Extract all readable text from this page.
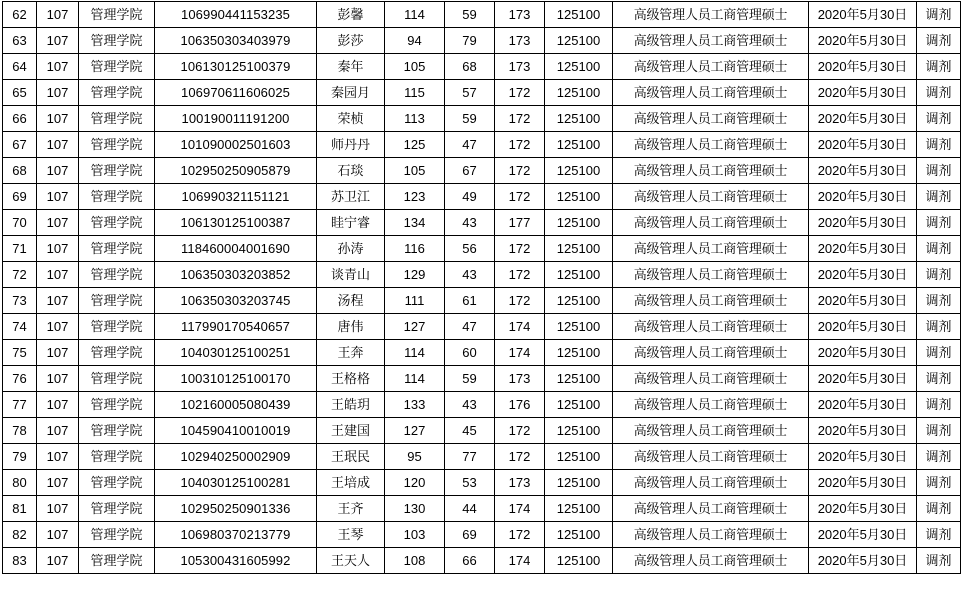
62	107	管理学院	106990441153235	彭馨	114	59	173	125100	高级管理人员工商管理硕士	2020年5月30日	调剂
63	107	管理学院	106350303403979	彭莎	94	79	173	125100	高级管理人员工商管理硕士	2020年5月30日	调剂
64	107	管理学院	106130125100379	秦年	105	68	173	125100	高级管理人员工商管理硕士	2020年5月30日	调剂
65	107	管理学院	106970611606025	秦园月	115	57	172	125100	高级管理人员工商管理硕士	2020年5月30日	调剂
66	107	管理学院	100190011191200	荣桢	113	59	172	125100	高级管理人员工商管理硕士	2020年5月30日	调剂
67	107	管理学院	101090002501603	师丹丹	125	47	172	125100	高级管理人员工商管理硕士	2020年5月30日	调剂
68	107	管理学院	102950250905879	石琰	105	67	172	125100	高级管理人员工商管理硕士	2020年5月30日	调剂
69	107	管理学院	106990321151121	苏卫江	123	49	172	125100	高级管理人员工商管理硕士	2020年5月30日	调剂
70	107	管理学院	106130125100387	眭宁睿	134	43	177	125100	高级管理人员工商管理硕士	2020年5月30日	调剂
71	107	管理学院	118460004001690	孙涛	116	56	172	125100	高级管理人员工商管理硕士	2020年5月30日	调剂
72	107	管理学院	106350303203852	谈青山	129	43	172	125100	高级管理人员工商管理硕士	2020年5月30日	调剂
73	107	管理学院	106350303203745	汤程	111	61	172	125100	高级管理人员工商管理硕士	2020年5月30日	调剂
74	107	管理学院	117990170540657	唐伟	127	47	174	125100	高级管理人员工商管理硕士	2020年5月30日	调剂
75	107	管理学院	104030125100251	王奔	114	60	174	125100	高级管理人员工商管理硕士	2020年5月30日	调剂
76	107	管理学院	100310125100170	王格格	114	59	173	125100	高级管理人员工商管理硕士	2020年5月30日	调剂
77	107	管理学院	102160005080439	王皓玥	133	43	176	125100	高级管理人员工商管理硕士	2020年5月30日	调剂
78	107	管理学院	104590410010019	王建国	127	45	172	125100	高级管理人员工商管理硕士	2020年5月30日	调剂
79	107	管理学院	102940250002909	王珉民	95	77	172	125100	高级管理人员工商管理硕士	2020年5月30日	调剂
80	107	管理学院	104030125100281	王培成	120	53	173	125100	高级管理人员工商管理硕士	2020年5月30日	调剂
81	107	管理学院	102950250901336	王齐	130	44	174	125100	高级管理人员工商管理硕士	2020年5月30日	调剂
82	107	管理学院	106980370213779	王琴	103	69	172	125100	高级管理人员工商管理硕士	2020年5月30日	调剂
83	107	管理学院	105300431605992	王天人	108	66	174	125100	高级管理人员工商管理硕士	2020年5月30日	调剂
